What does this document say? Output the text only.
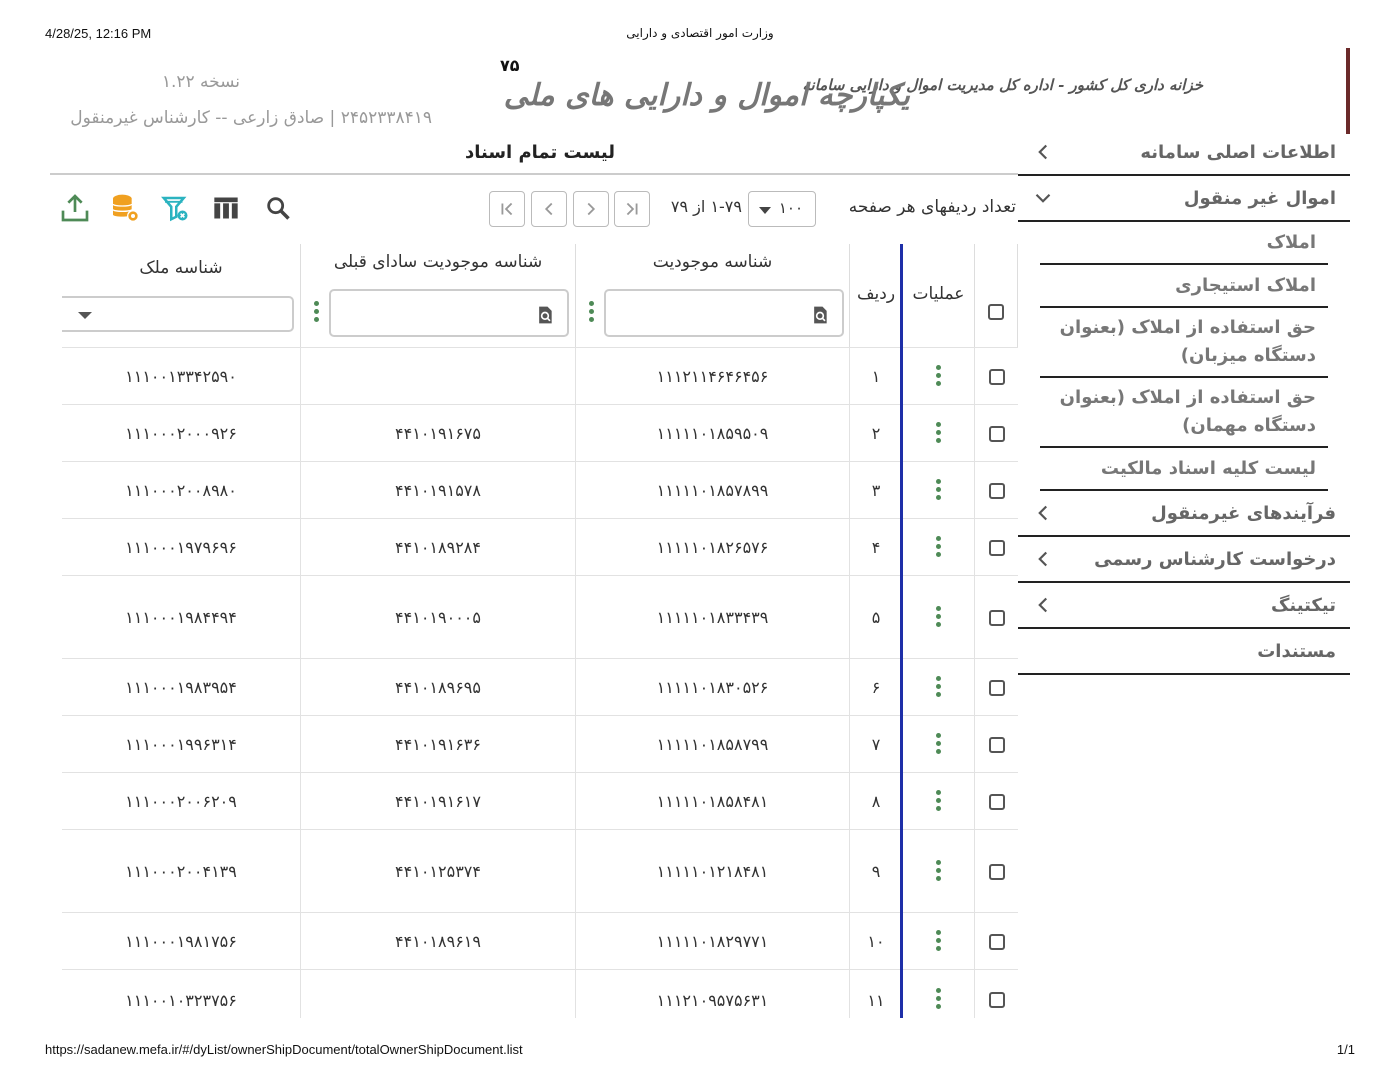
4/28/25, 12:16 PM	وزارت امور اقتصادی و دارایی
https://sadanew.mefa.ir/#/dyList/ownerShipDocument/totalOwnerShipDocument.list	1/1
خزانه داری کل کشور - اداره کل مدیریت اموال و دارایی سامانه
یکپارچه اموال و دارایی های ملی
۷۵
نسخه ۱.۲۲
۲۴۵۲۳۳۸۴۱۹ | صادق زارعی -- کارشناس غیرمنقول
اطلاعات اصلی سامانه
اموال غیر منقول
املاک
املاک استیجاری
حق استفاده از املاک (بعنوان دستگاه میزبان)
حق استفاده از املاک (بعنوان دستگاه مهمان)
لیست کلیه اسناد مالکیت
فرآیندهای غیرمنقول
درخواست کارشناس رسمی
تیکتینگ
مستندات
لیست تمام اسناد
تعداد ردیفهای هر صفحه
۱۰۰
۱-۷۹ از ۷۹
عملیات
ردیف
شناسه موجودیت
شناسه موجودیت سادای قبلی
شناسه ملک
۱
۱۱۱۲۱۱۴۶۴۶۴۵۶
۱۱۱۰۰۱۳۳۴۲۵۹۰
۲
۱۱۱۱۱۰۱۸۵۹۵۰۹
۴۴۱۰۱۹۱۶۷۵
۱۱۱۰۰۰۲۰۰۰۹۲۶
۳
۱۱۱۱۱۰۱۸۵۷۸۹۹
۴۴۱۰۱۹۱۵۷۸
۱۱۱۰۰۰۲۰۰۸۹۸۰
۴
۱۱۱۱۱۰۱۸۲۶۵۷۶
۴۴۱۰۱۸۹۲۸۴
۱۱۱۰۰۰۱۹۷۹۶۹۶
۵
۱۱۱۱۱۰۱۸۳۳۴۳۹
۴۴۱۰۱۹۰۰۰۵
۱۱۱۰۰۰۱۹۸۴۴۹۴
۶
۱۱۱۱۱۰۱۸۳۰۵۲۶
۴۴۱۰۱۸۹۶۹۵
۱۱۱۰۰۰۱۹۸۳۹۵۴
۷
۱۱۱۱۱۰۱۸۵۸۷۹۹
۴۴۱۰۱۹۱۶۳۶
۱۱۱۰۰۰۱۹۹۶۳۱۴
۸
۱۱۱۱۱۰۱۸۵۸۴۸۱
۴۴۱۰۱۹۱۶۱۷
۱۱۱۰۰۰۲۰۰۶۲۰۹
۹
۱۱۱۱۱۰۱۲۱۸۴۸۱
۴۴۱۰۱۲۵۳۷۴
۱۱۱۰۰۰۲۰۰۴۱۳۹
۱۰
۱۱۱۱۱۰۱۸۲۹۷۷۱
۴۴۱۰۱۸۹۶۱۹
۱۱۱۰۰۰۱۹۸۱۷۵۶
۱۱
۱۱۱۲۱۰۹۵۷۵۶۳۱
۱۱۱۰۰۱۰۳۲۳۷۵۶
